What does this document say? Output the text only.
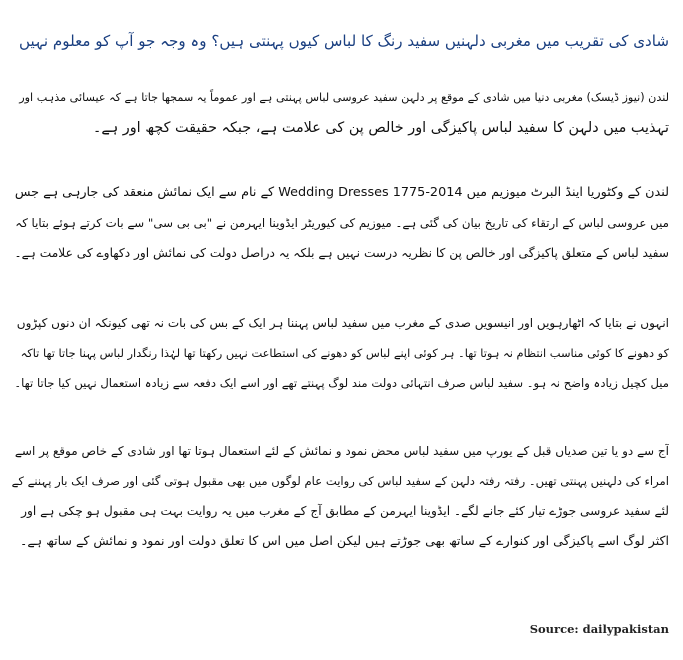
شادی کی تقریب میں مغربی دلہنیں سفید رنگ کا لباس کیوں پہنتی ہیں؟ وہ وجہ جو آپ کو معلوم نہیں
لندن (نیوز ڈیسک) مغربی دنیا میں شادی کے موقع پر دلہن سفید عروسی لباس پہنتی ہے اور عموماً یہ سمجھا جاتا ہے کہ عیسائی مذہب اور
تہذیب میں دلہن کا سفید لباس پاکیزگی اور خالص پن کی علامت ہے، جبکہ حقیقت کچھ اور ہے۔
لندن کے وکٹوریا اینڈ البرٹ میوزیم میں Wedding Dresses 1775-2014 کے نام سے ایک نمائش منعقد کی جارہی ہے جس
میں عروسی لباس کے ارتقاء کی تاریخ بیان کی گئی ہے۔ میوزیم کی کیوریٹر ایڈوینا ایہرمن نے "بی بی سی" سے بات کرتے ہوئے بتایا کہ
سفید لباس کے متعلق پاکیزگی اور خالص پن کا نظریہ درست نہیں ہے بلکہ یہ دراصل دولت کی نمائش اور دکھاوے کی علامت ہے۔
انہوں نے بتایا کہ اٹھارہویں اور انیسویں صدی کے مغرب میں سفید لباس پہننا ہر ایک کے بس کی بات نہ تھی کیونکہ ان دنوں کپڑوں
کو دھونے کا کوئی مناسب انتظام نہ ہوتا تھا۔ ہر کوئی اپنے لباس کو دھونے کی استطاعت نہیں رکھتا تھا لہٰذا رنگدار لباس پہنا جاتا تھا تاکہ
میل کچیل زیادہ واضح نہ ہو۔ سفید لباس صرف انتہائی دولت مند لوگ پہنتے تھے اور اسے ایک دفعہ سے زیادہ استعمال نہیں کیا جاتا تھا۔
آج سے دو یا تین صدیاں قبل کے یورپ میں سفید لباس محض نمود و نمائش کے لئے استعمال ہوتا تھا اور شادی کے خاص موقع پر اسے
امراء کی دلہنیں پہنتی تھیں۔ رفتہ رفتہ دلہن کے سفید لباس کی روایت عام لوگوں میں بھی مقبول ہوتی گئی اور صرف ایک بار پہننے کے
لئے سفید عروسی جوڑے تیار کئے جانے لگے۔ ایڈوینا ایہرمن کے مطابق آج کے مغرب میں یہ روایت بہت ہی مقبول ہو چکی ہے اور
اکثر لوگ اسے پاکیزگی اور کنوارے کے ساتھ بھی جوڑتے ہیں لیکن اصل میں اس کا تعلق دولت اور نمود و نمائش کے ساتھ ہے۔
Source: dailypakistan
